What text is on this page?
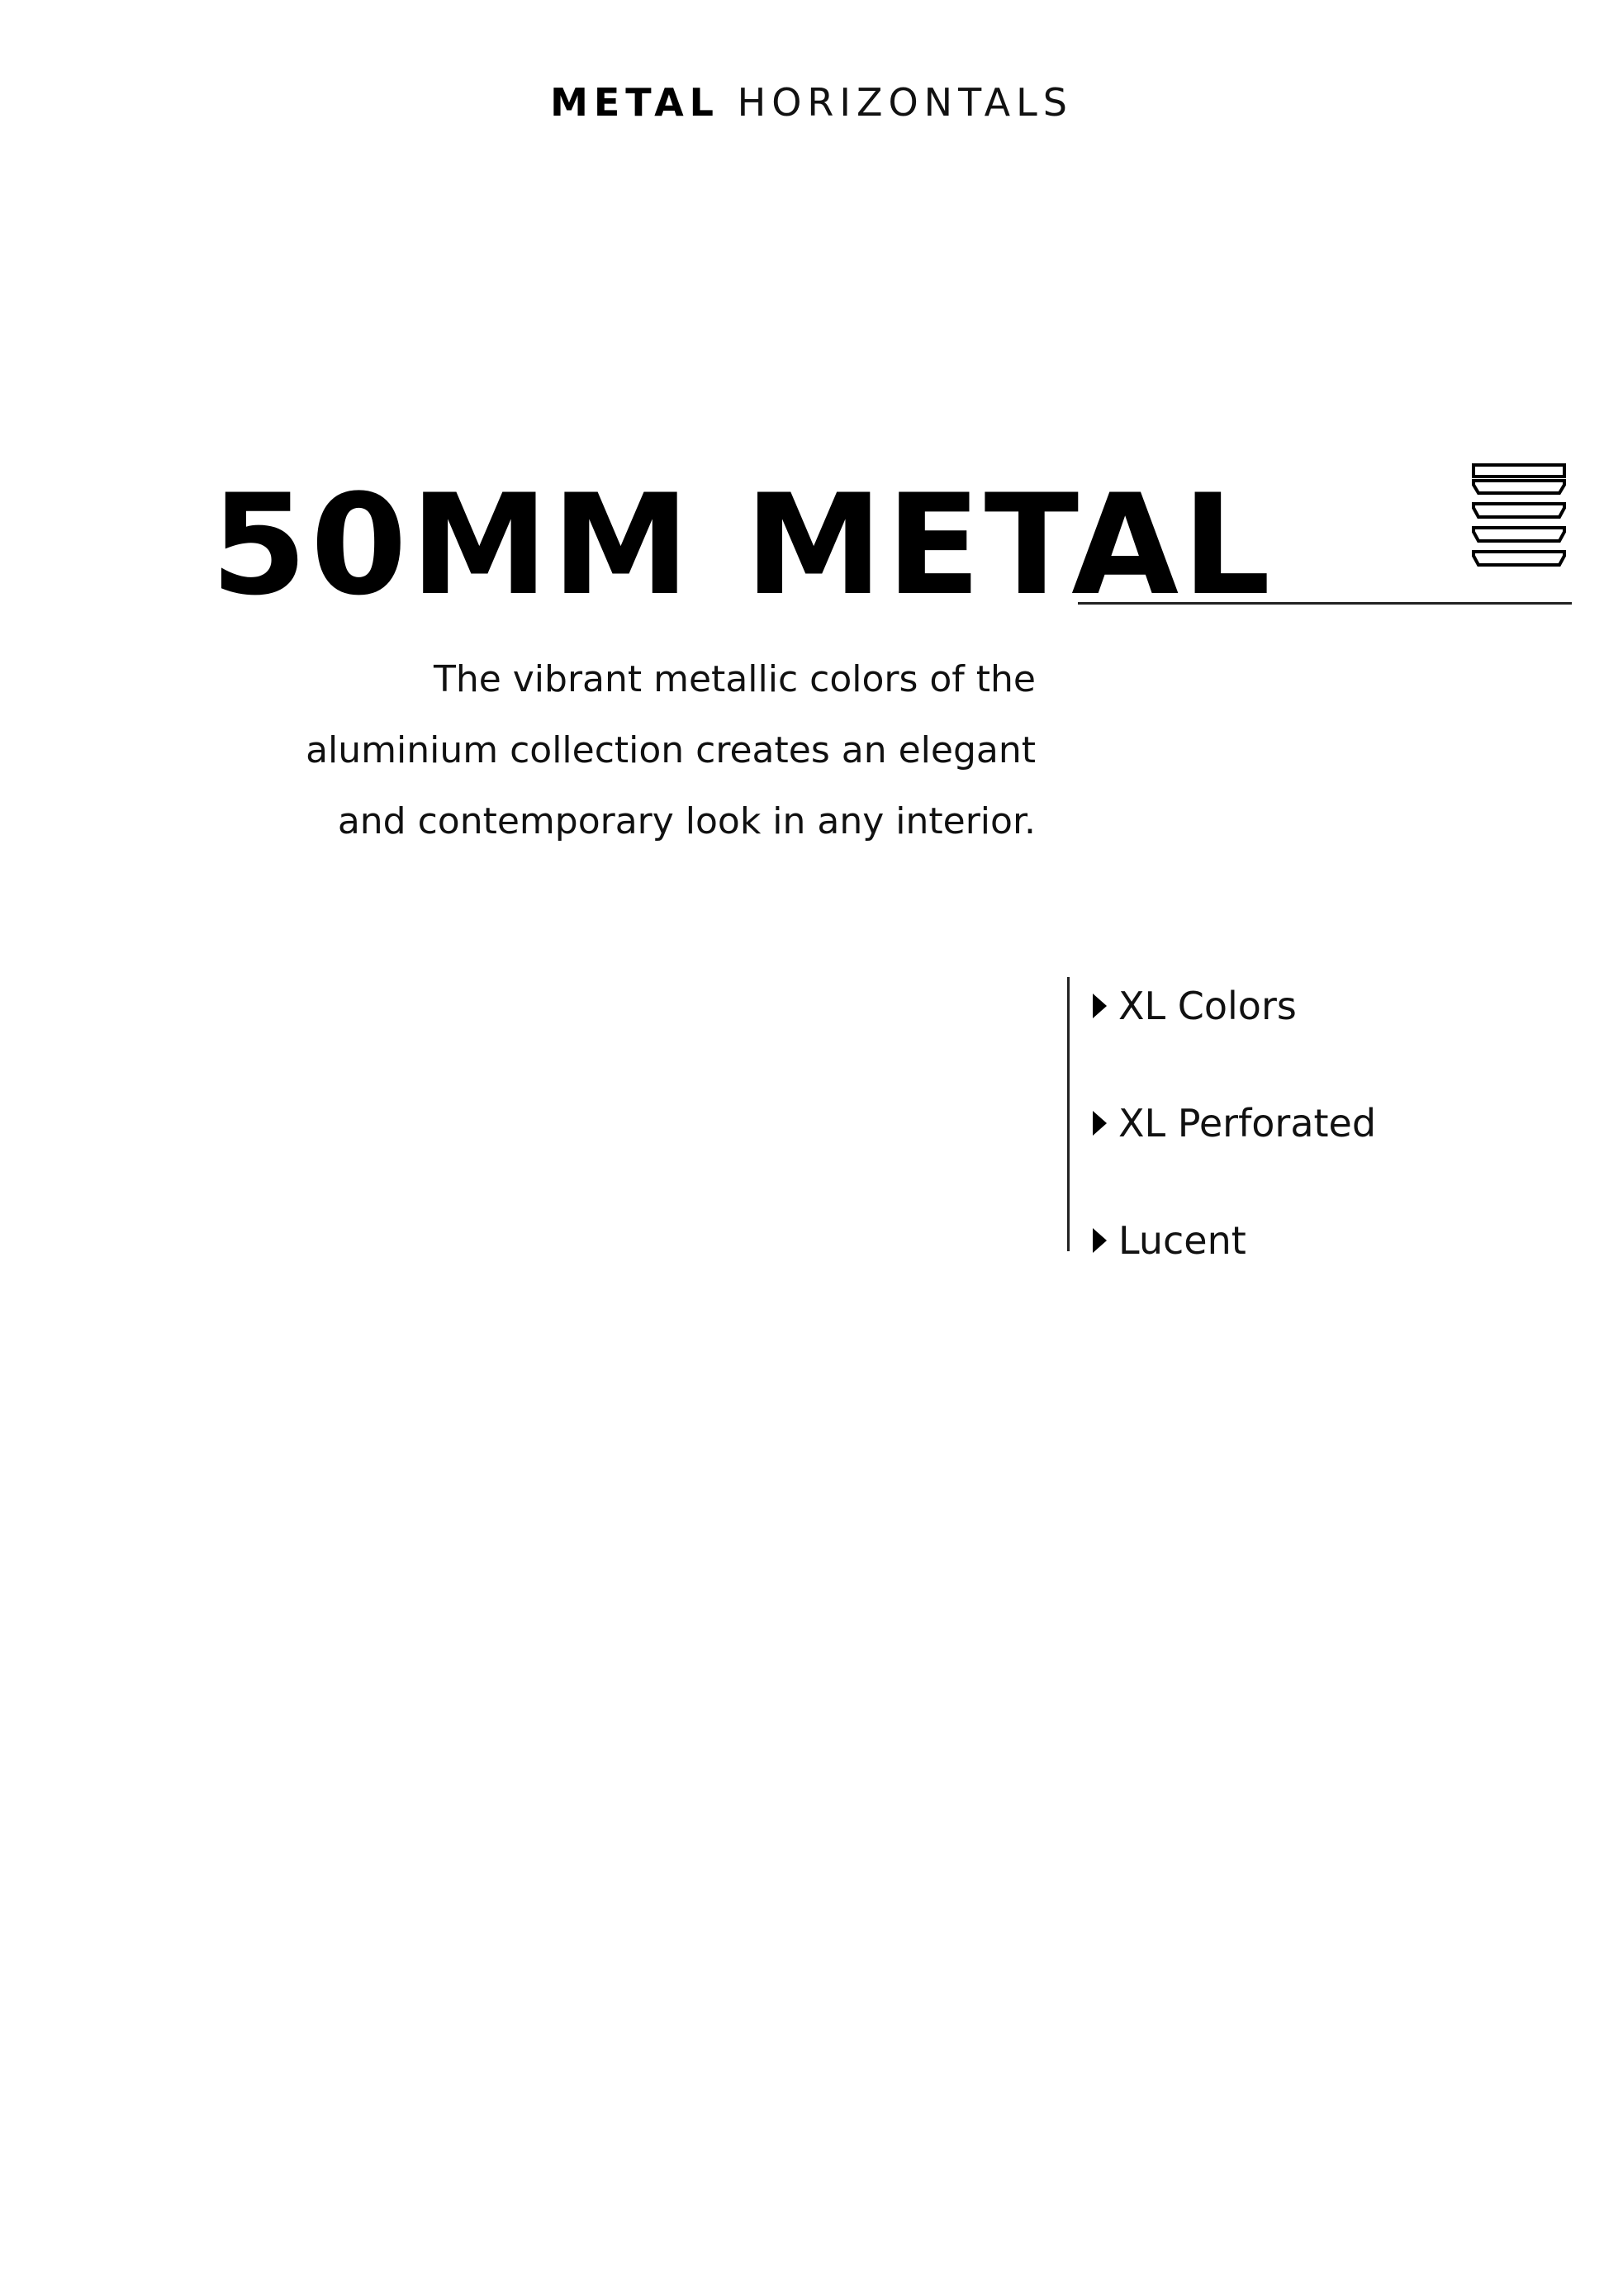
METAL HORIZONTALS
50MM METAL
The vibrant metallic colors of the
aluminium collection creates an elegant
and contemporary look in any interior.
XL Colors
XL Perforated
Lucent
